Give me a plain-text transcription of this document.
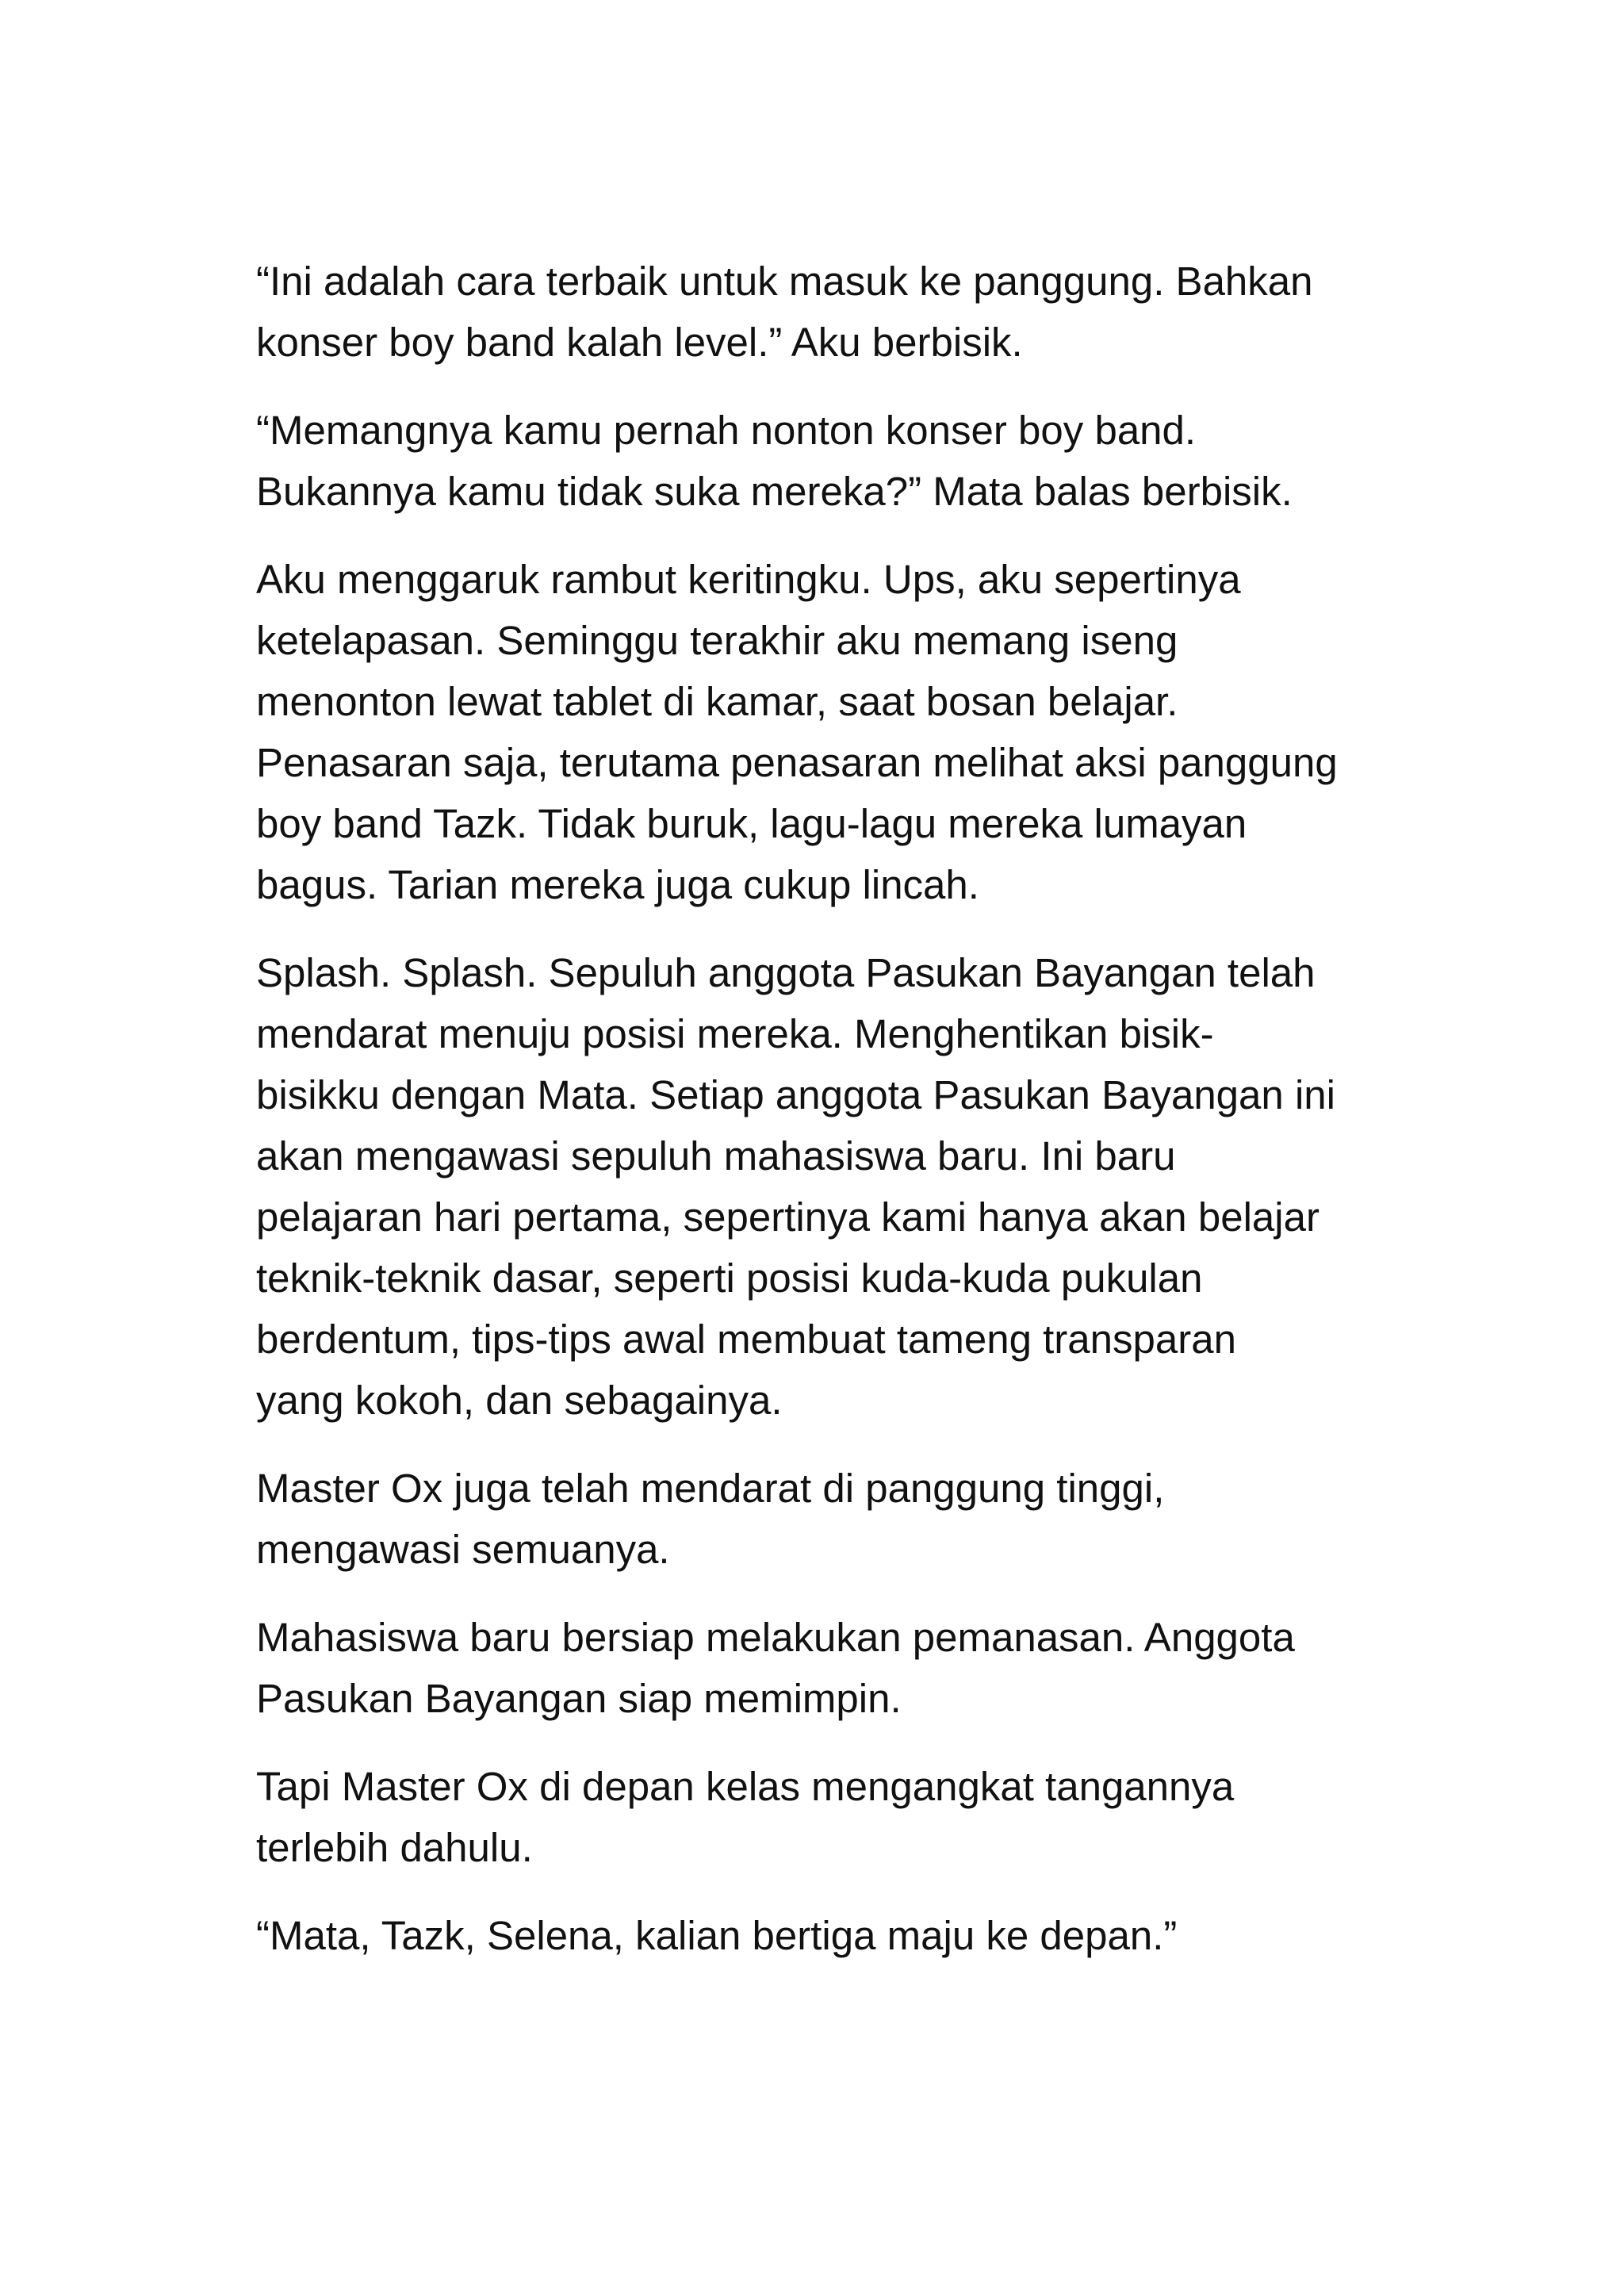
“Ini adalah cara terbaik untuk masuk ke panggung. Bahkan
konser boy band kalah level.” Aku berbisik.

“Memangnya kamu pernah nonton konser boy band.
Bukannya kamu tidak suka mereka?” Mata balas berbisik.

Aku menggaruk rambut keritingku. Ups, aku sepertinya
ketelapasan. Seminggu terakhir aku memang iseng
menonton lewat tablet di kamar, saat bosan belajar.
Penasaran saja, terutama penasaran melihat aksi panggung
boy band Tazk. Tidak buruk, lagu-lagu mereka lumayan
bagus. Tarian mereka juga cukup lincah.

Splash. Splash. Sepuluh anggota Pasukan Bayangan telah
mendarat menuju posisi mereka. Menghentikan bisik-
bisikku dengan Mata. Setiap anggota Pasukan Bayangan ini
akan mengawasi sepuluh mahasiswa baru. Ini baru
pelajaran hari pertama, sepertinya kami hanya akan belajar
teknik-teknik dasar, seperti posisi kuda-kuda pukulan
berdentum, tips-tips awal membuat tameng transparan
yang kokoh, dan sebagainya.

Master Ox juga telah mendarat di panggung tinggi,
mengawasi semuanya.

Mahasiswa baru bersiap melakukan pemanasan. Anggota
Pasukan Bayangan siap memimpin.

Tapi Master Ox di depan kelas mengangkat tangannya
terlebih dahulu.

“Mata, Tazk, Selena, kalian bertiga maju ke depan.”
